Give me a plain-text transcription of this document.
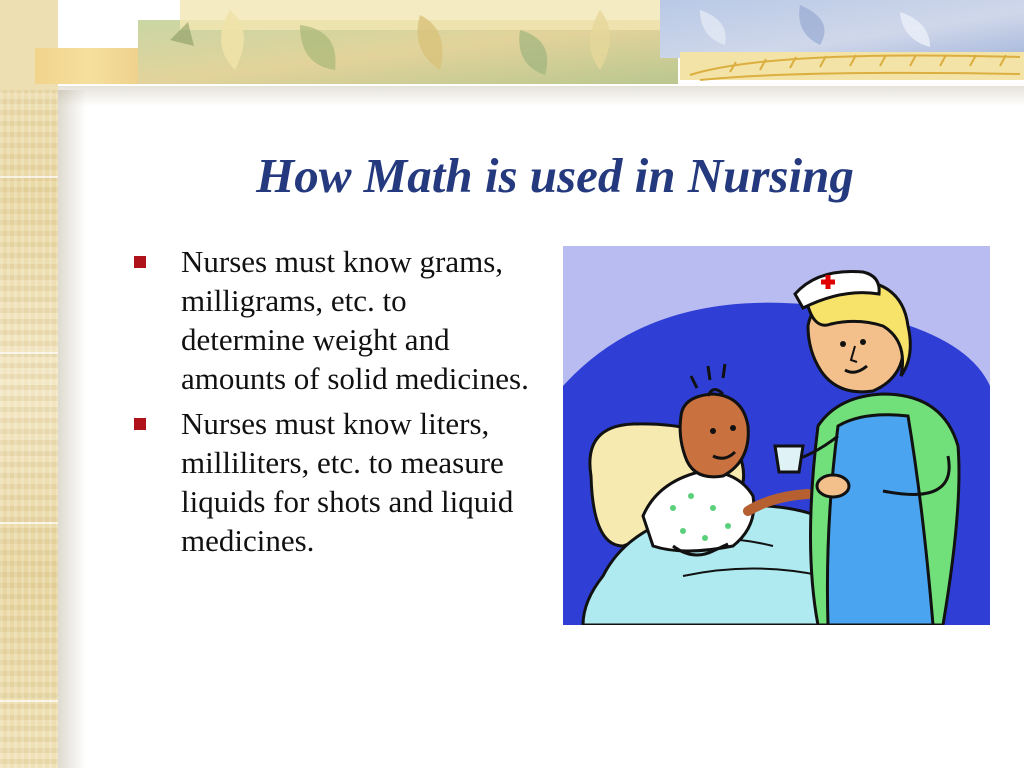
How Math is used in Nursing
Nurses must know grams, milligrams, etc. to determine weight and amounts of solid medicines.
Nurses must know liters, milliliters, etc. to measure liquids for shots and liquid medicines.
